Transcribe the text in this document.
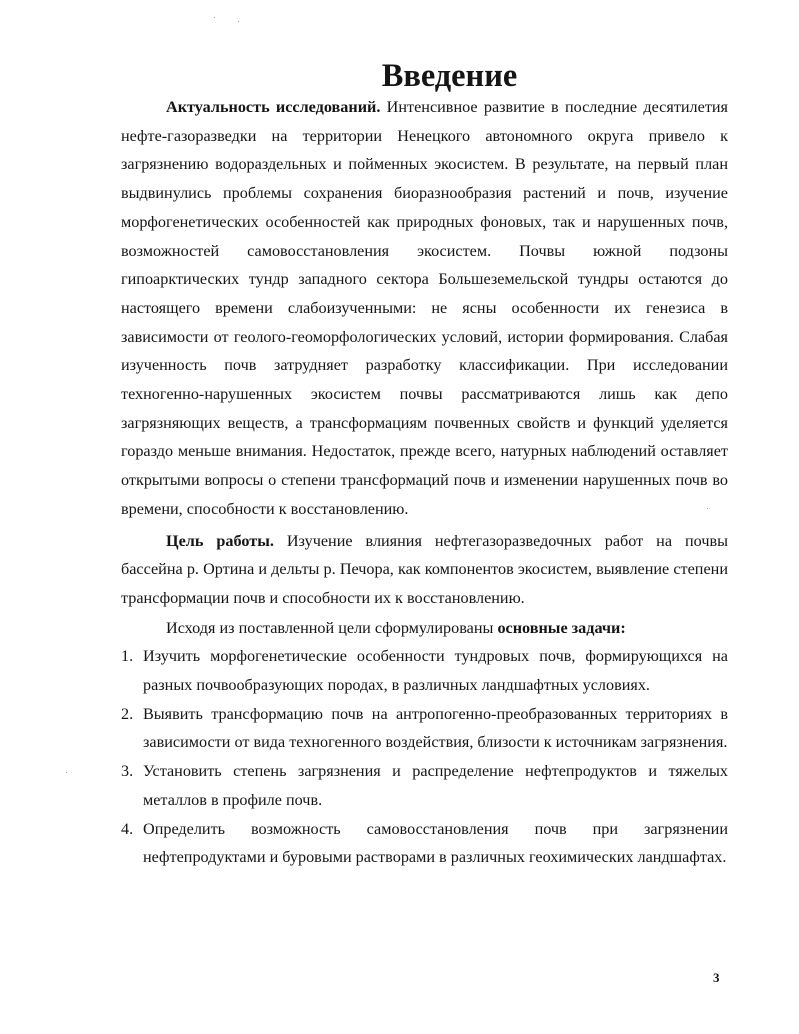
Введение

Актуальность исследований. Интенсивное развитие в последние десятилетия нефте-газоразведки на территории Ненецкого автономного округа привело к загрязнению водораздельных и пойменных экосистем. В результате, на первый план выдвинулись проблемы сохранения биоразнообразия растений и почв, изучение морфогенетических особенностей как природных фоновых, так и нарушенных почв, возможностей самовосстановления экосистем. Почвы южной подзоны гипоарктических тундр западного сектора Большеземельской тундры остаются до настоящего времени слабоизученными: не ясны особенности их генезиса в зависимости от геолого-геоморфологических условий, истории формирования. Слабая изученность почв затрудняет разработку классификации. При исследовании техногенно-нарушенных экосистем почвы рассматриваются лишь как депо загрязняющих веществ, а трансформациям почвенных свойств и функций уделяется гораздо меньше внимания. Недостаток, прежде всего, натурных наблюдений оставляет открытыми вопросы о степени трансформаций почв и изменении нарушенных почв во времени, способности к восстановлению.

Цель работы. Изучение влияния нефтегазоразведочных работ на почвы бассейна р. Ортина и дельты р. Печора, как компонентов экосистем, выявление степени трансформации почв и способности их к восстановлению.

Исходя из поставленной цели сформулированы основные задачи:

1. Изучить морфогенетические особенности тундровых почв, формирующихся на разных почвообразующих породах, в различных ландшафтных условиях.
2. Выявить трансформацию почв на антропогенно-преобразованных территориях в зависимости от вида техногенного воздействия, близости к источникам загрязнения.
3. Установить степень загрязнения и распределение нефтепродуктов и тяжелых металлов в профиле почв.
4. Определить возможность самовосстановления почв при загрязнении нефтепродуктами и буровыми растворами в различных геохимических ландшафтах.
3
